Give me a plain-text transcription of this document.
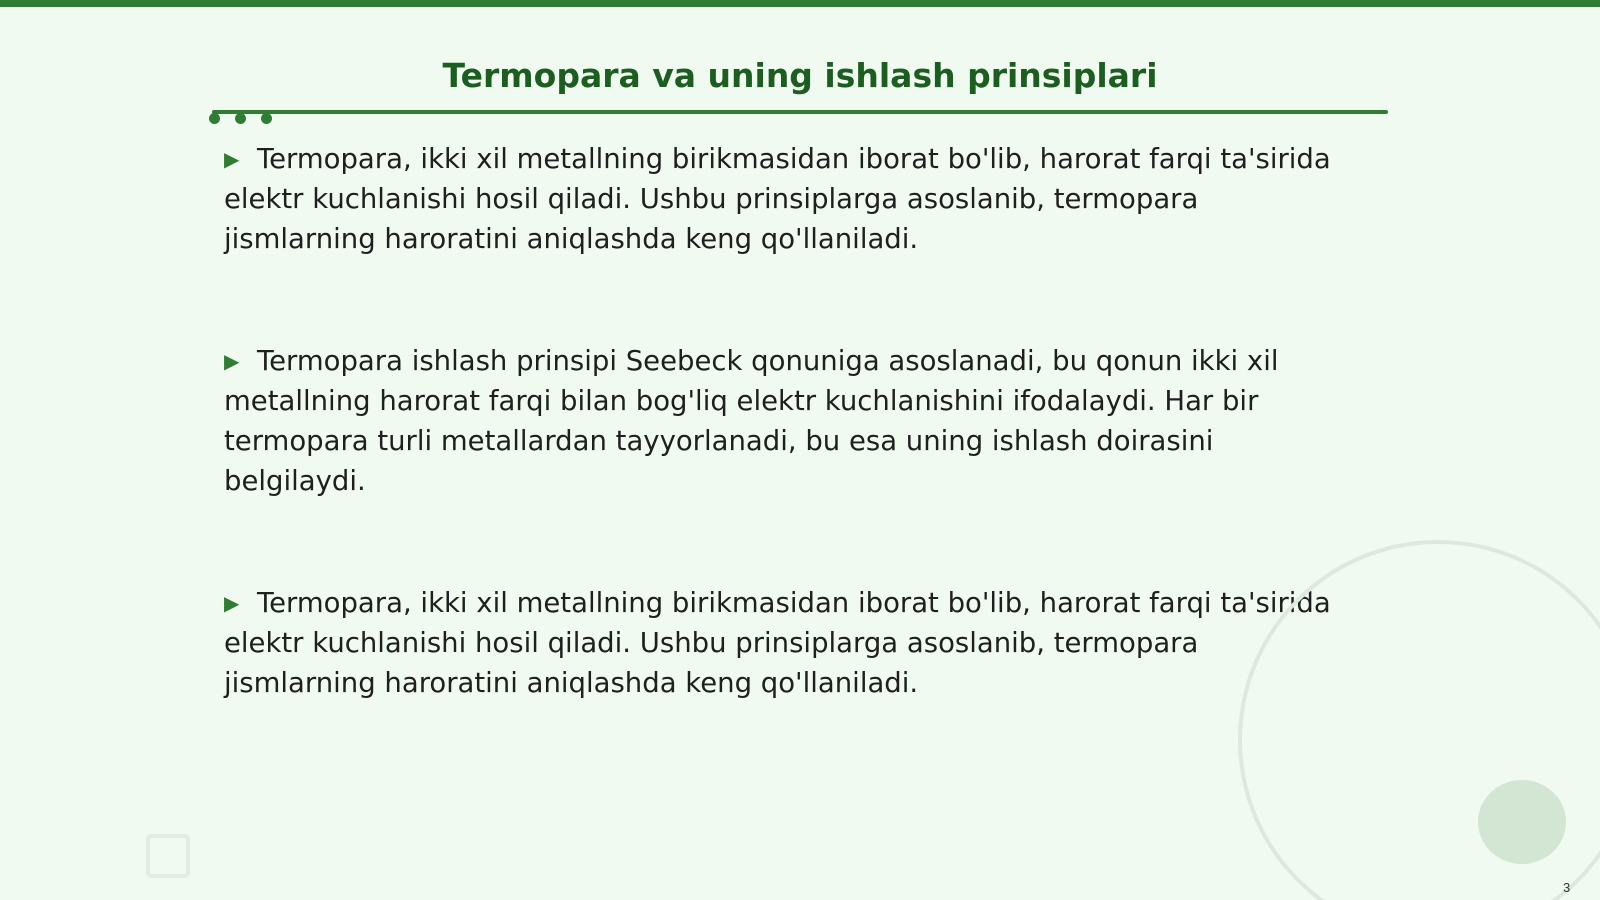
Termopara va uning ishlash prinsiplari

▶ Termopara, ikki xil metallning birikmasidan iborat bo'lib, harorat farqi ta'sirida elektr kuchlanishi hosil qiladi. Ushbu prinsiplarga asoslanib, termopara jismlarning haroratini aniqlashda keng qo'llaniladi.

▶ Termopara ishlash prinsipi Seebeck qonuniga asoslanadi, bu qonun ikki xil metallning harorat farqi bilan bog'liq elektr kuchlanishini ifodalaydi. Har bir termopara turli metallardan tayyorlanadi, bu esa uning ishlash doirasini belgilaydi.

▶ Termopara, ikki xil metallning birikmasidan iborat bo'lib, harorat farqi ta'sirida elektr kuchlanishi hosil qiladi. Ushbu prinsiplarga asoslanib, termopara jismlarning haroratini aniqlashda keng qo'llaniladi.

3
